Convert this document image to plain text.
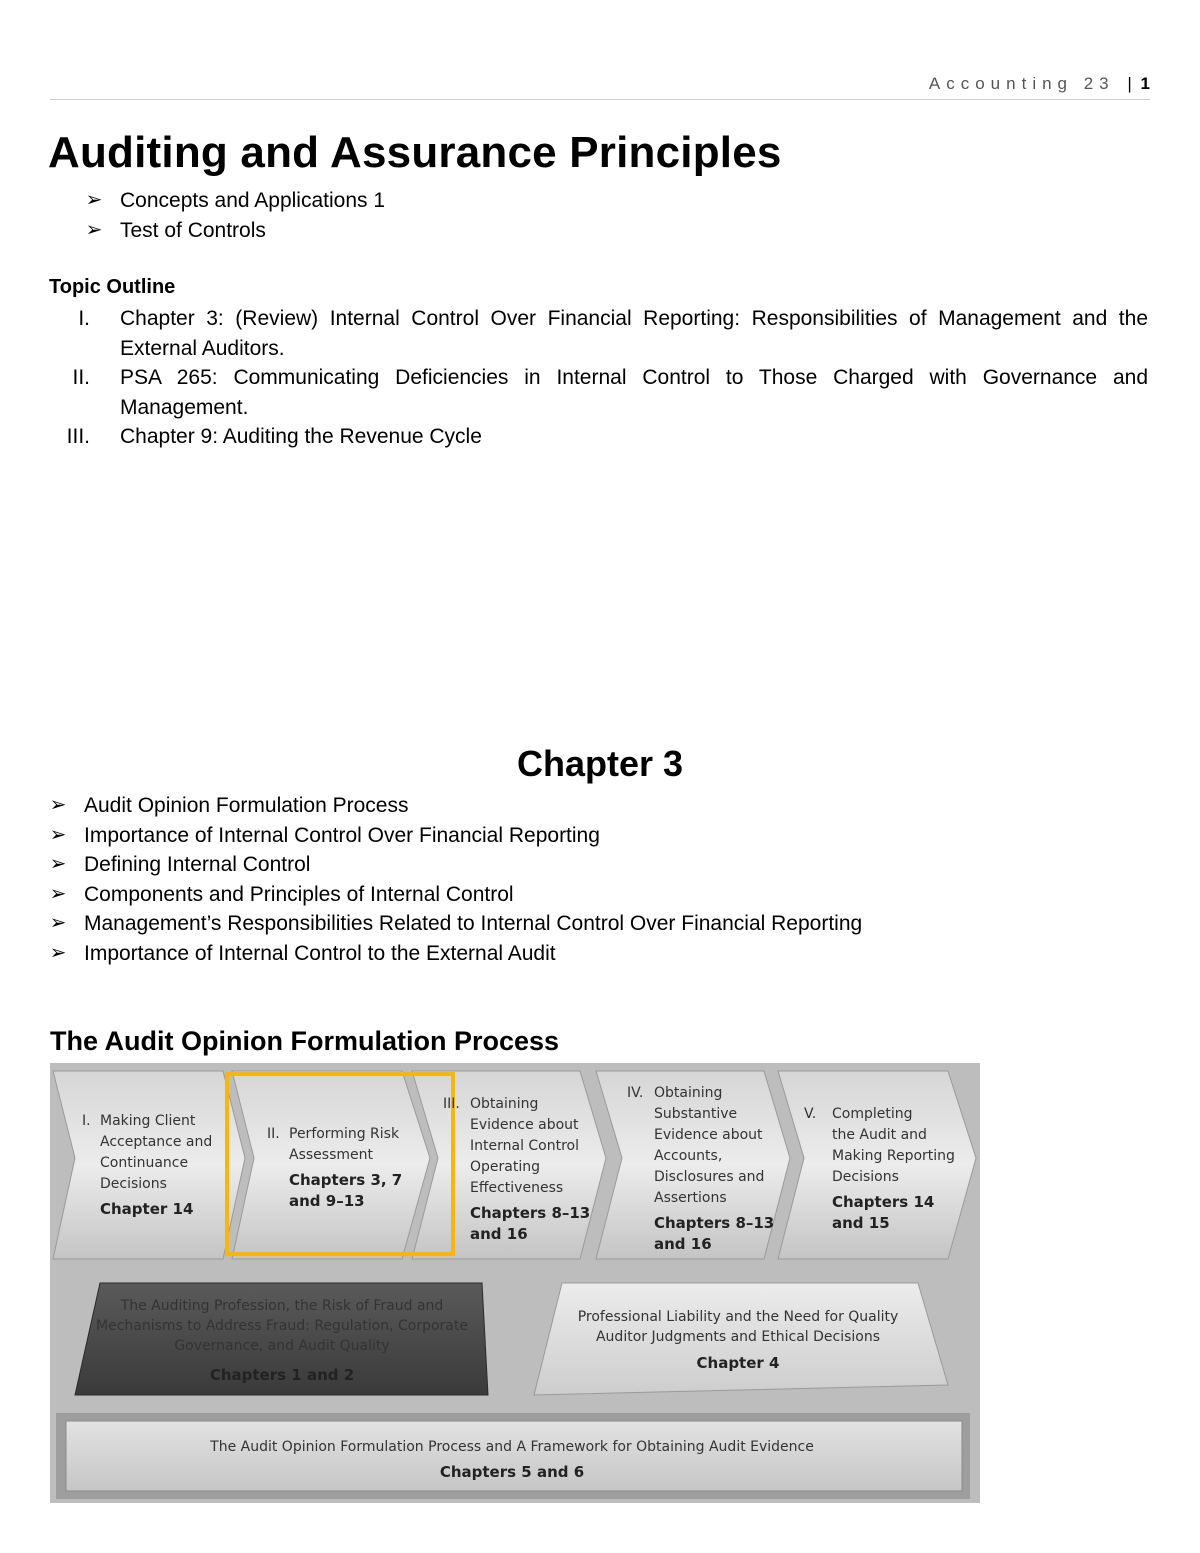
Accounting 23 | 1
Auditing and Assurance Principles
➢ Concepts and Applications 1
➢ Test of Controls
Topic Outline
I. Chapter 3: (Review) Internal Control Over Financial Reporting: Responsibilities of Management and the External Auditors.
II. PSA 265: Communicating Deficiencies in Internal Control to Those Charged with Governance and Management.
III. Chapter 9: Auditing the Revenue Cycle
Chapter 3
➢ Audit Opinion Formulation Process
➢ Importance of Internal Control Over Financial Reporting
➢ Defining Internal Control
➢ Components and Principles of Internal Control
➢ Management’s Responsibilities Related to Internal Control Over Financial Reporting
➢ Importance of Internal Control to the External Audit
The Audit Opinion Formulation Process
I. Making Client
Acceptance and
Continuance
Decisions
Chapter 14
II. Performing Risk
Assessment
Chapters 3, 7
and 9–13
III. Obtaining
Evidence about
Internal Control
Operating
Effectiveness
Chapters 8–13
and 16
IV. Obtaining
Substantive
Evidence about
Accounts,
Disclosures and
Assertions
Chapters 8–13
and 16
V. Completing
the Audit and
Making Reporting
Decisions
Chapters 14
and 15
The Auditing Profession, the Risk of Fraud and
Mechanisms to Address Fraud: Regulation, Corporate
Governance, and Audit Quality
Chapters 1 and 2
Professional Liability and the Need for Quality
Auditor Judgments and Ethical Decisions
Chapter 4
The Audit Opinion Formulation Process and A Framework for Obtaining Audit Evidence
Chapters 5 and 6
